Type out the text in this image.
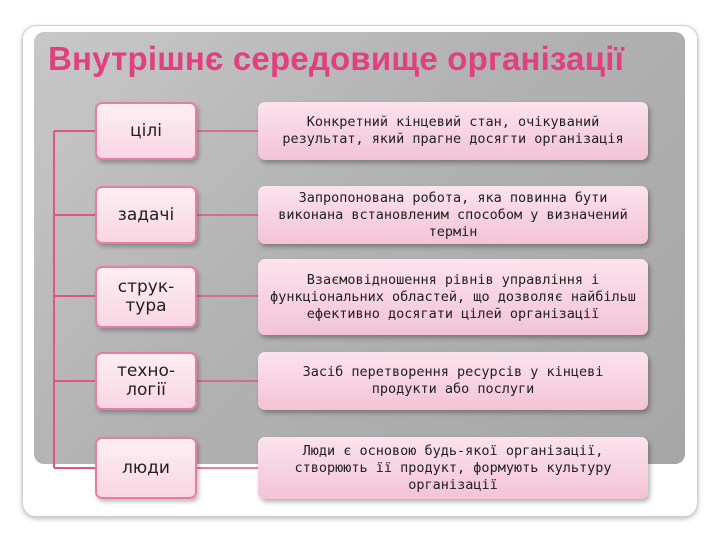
Внутрішнє середовище організації
цілі	Конкретний кінцевий стан, очікуваний результат, який прагне досягти організація
задачі
Запропонована робота, яка повинна бути виконана встановленим способом у визначений термін
струк-
тура
Взаємовідношення рівнів управління і функціональних областей, що дозволяє найбільш ефективно досягати цілей організації
техно-
логії
Засіб перетворення ресурсів у кінцеві продукти або послуги
люди
Люди є основою будь-якої організації, створюють її продукт, формують культуру організації
